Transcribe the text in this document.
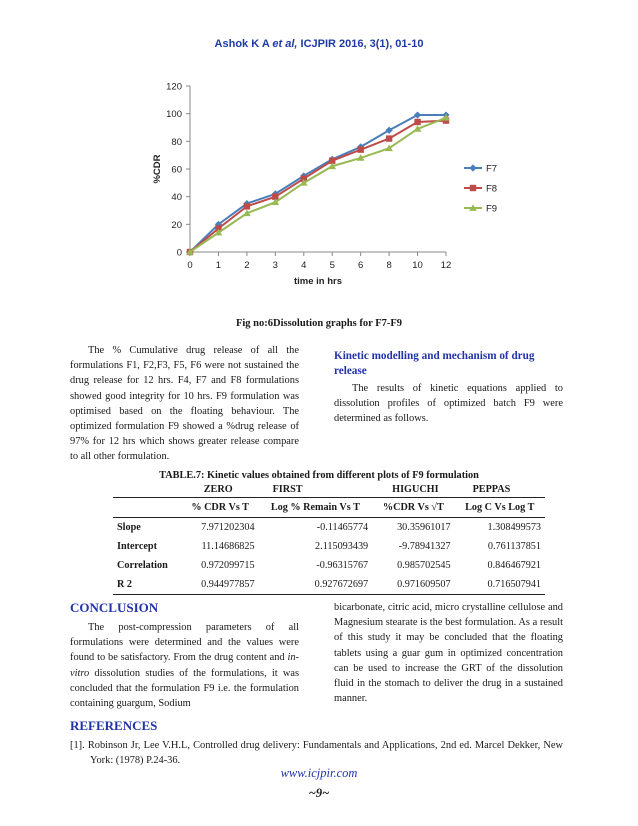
Ashok K A et al, ICJPIR 2016, 3(1), 01-10
0
20
40
60
80
100
120
0 1 2 3 4 5 6 8 10 12
time in hrs
%CDR	F7
F8
F9
Fig no:6Dissolution graphs for F7-F9

The % Cumulative drug release of all the formulations F1, F2,F3, F5, F6 were not sustained the drug release for 12 hrs. F4, F7 and F8 formulations showed good integrity for 10 hrs. F9 formulation was optimised based on the floating behaviour. The optimized formulation F9 showed a %drug release of 97% for 12 hrs which shows greater release compare to all other formulation.

Kinetic modelling and mechanism of drug release

The results of kinetic equations applied to dissolution profiles of optimized batch F9 were determined as follows.

TABLE.7: Kinetic values obtained from different plots of F9 formulation
	ZERO	FIRST	HIGUCHI	PEPPAS
	% CDR Vs T	Log % Remain Vs T	%CDR Vs √T	Log C Vs Log T
Slope	7.971202304	-0.11465774	30.35961017	1.308499573
Intercept	11.14686825	2.115093439	-9.78941327	0.761137851
Correlation	0.972099715	-0.96315767	0.985702545	0.846467921
R 2	0.944977857	0.927672697	0.971609507	0.716507941
CONCLUSION

The post-compression parameters of all formulations were determined and the values were found to be satisfactory. From the drug content and in-vitro dissolution studies of the formulations, it was concluded that the formulation F9 i.e. the formulation containing guargum, Sodium

bicarbonate, citric acid, micro crystalline cellulose and Magnesium stearate is the best formulation. As a result of this study it may be concluded that the floating tablets using a guar gum in optimized concentration can be used to increase the GRT of the dissolution fluid in the stomach to deliver the drug in a sustained manner.

REFERENCES

[1]. Robinson Jr, Lee V.H.L, Controlled drug delivery: Fundamentals and Applications, 2nd ed. Marcel Dekker, New York: (1978) P.24-36.

www.icjpir.com
~9~
